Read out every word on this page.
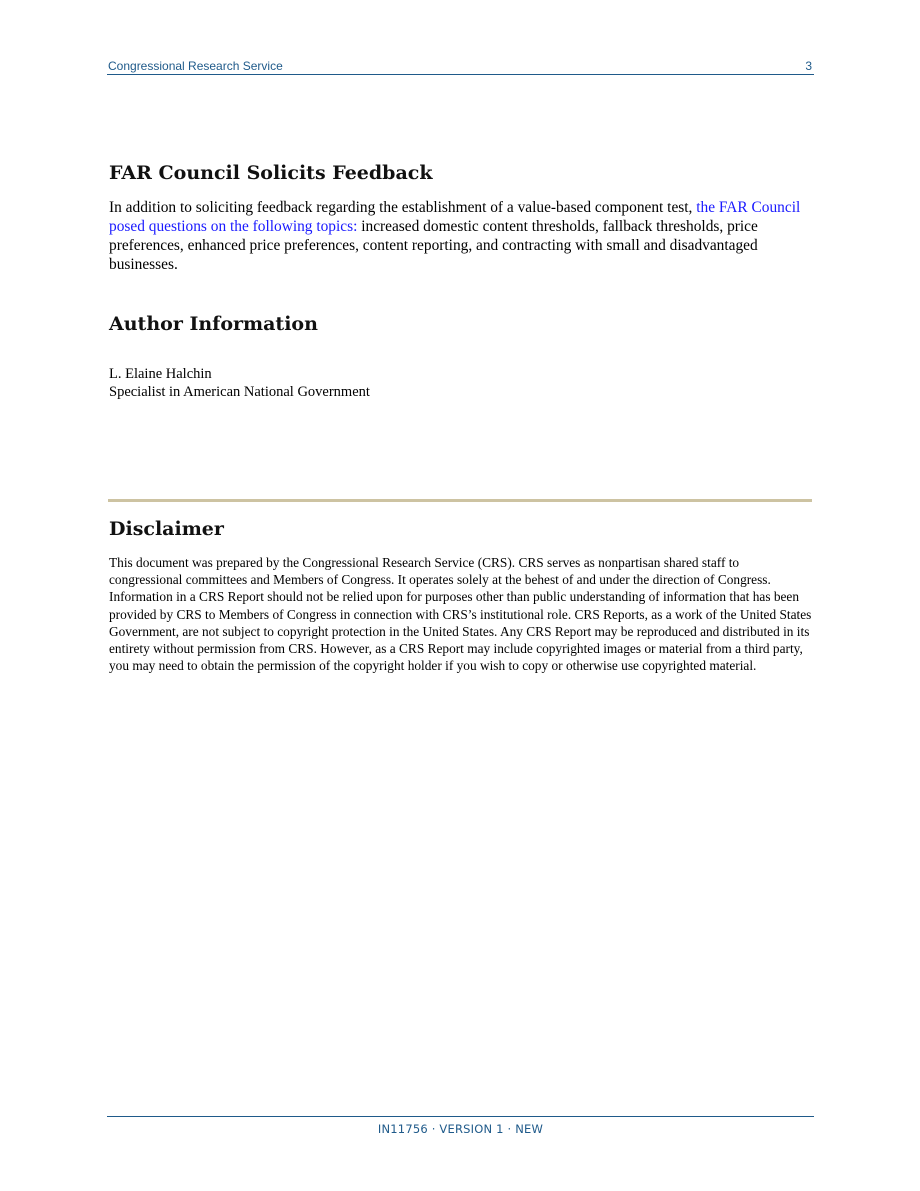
Congressional Research Service	3
FAR Council Solicits Feedback

In addition to soliciting feedback regarding the establishment of a value-based component test, the FAR Council posed questions on the following topics: increased domestic content thresholds, fallback thresholds, price preferences, enhanced price preferences, content reporting, and contracting with small and disadvantaged businesses.

Author Information
L. Elaine Halchin
Specialist in American National Government
Disclaimer

This document was prepared by the Congressional Research Service (CRS). CRS serves as nonpartisan shared staff to congressional committees and Members of Congress. It operates solely at the behest of and under the direction of Congress. Information in a CRS Report should not be relied upon for purposes other than public understanding of information that has been provided by CRS to Members of Congress in connection with CRS’s institutional role. CRS Reports, as a work of the United States Government, are not subject to copyright protection in the United States. Any CRS Report may be reproduced and distributed in its entirety without permission from CRS. However, as a CRS Report may include copyrighted images or material from a third party, you may need to obtain the permission of the copyright holder if you wish to copy or otherwise use copyrighted material.

IN11756 · VERSION 1 · NEW
